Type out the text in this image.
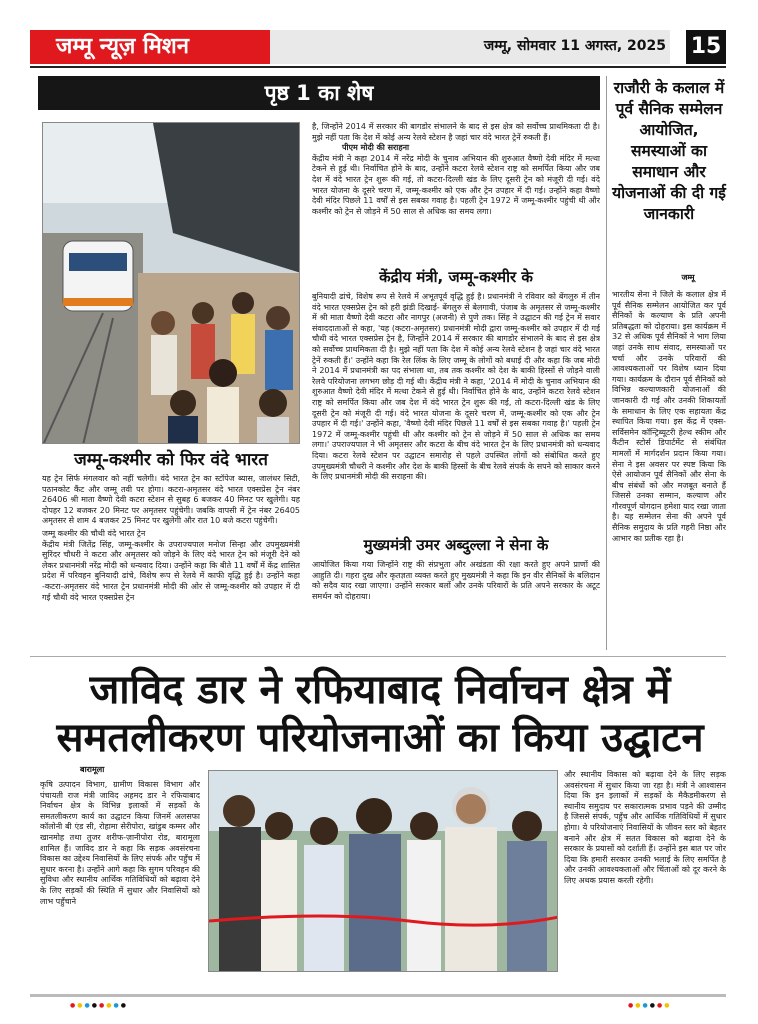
जम्मू न्यूज़ मिशन	जम्मू, सोमवार 11 अगस्त, 2025 15
पृष्ठ 1 का शेष
जम्मू-कश्मीर को फिर वंदे भारत

यह ट्रेन सिर्फ मंगलवार को नहीं चलेगी। वंदे भारत ट्रेन का स्टॉपेज ब्यास, जालंधर सिटी, पठानकोट कैंट और जम्मू तवी पर होगा। कटरा-अमृतसर वंदे भारत एक्सप्रेस ट्रेन नंबर 26406 श्री माता वैष्णो देवी कटरा स्टेशन से सुबह 6 बजकर 40 मिनट पर खुलेगी। यह दोपहर 12 बजकर 20 मिनट पर अमृतसर पहुंचेगी। जबकि वापसी में ट्रेन नंबर 26405 अमृतसर से शाम 4 बजकर 25 मिनट पर खुलेगी और रात 10 बजे कटरा पहुंचेगी।

जम्मू कश्मीर की चौथी वंदे भारत ट्रेन

केंद्रीय मंत्री जितेंद्र सिंह, जम्मू-कश्मीर के उपराज्यपाल मनोज सिन्हा और उपमुख्यमंत्री सुरिंदर चौधरी ने कटरा और अमृतसर को जोड़ने के लिए वंदे भारत ट्रेन को मंजूरी देने को लेकर प्रधानमंत्री नरेंद्र मोदी को धन्यवाद दिया। उन्होंने कहा कि बीते 11 वर्षों में केंद्र शासित प्रदेश में परिवहन बुनियादी ढांचे, विशेष रूप से रेलवे में काफी वृद्धि हुई है। उन्होंने कहा -कटरा-अमृतसर वंदे भारत ट्रेन प्रधानमंत्री मोदी की ओर से जम्मू-कश्मीर को उपहार में दी गई चौथी वंदे भारत एक्सप्रेस ट्रेन

है, जिन्होंने 2014 में सरकार की बागडोर संभालने के बाद से इस क्षेत्र को सर्वोच्च प्राथमिकता दी है। मुझे नहीं पता कि देश में कोई अन्य रेलवे स्टेशन है जहां चार वंदे भारत ट्रेनें रुकती हैं।

पीएम मोदी की सराहना

केंद्रीय मंत्री ने कहा 2014 में नरेंद्र मोदी के चुनाव अभियान की शुरुआत वैष्णो देवी मंदिर में मत्था टेकने से हुई थी। निर्वाचित होने के बाद, उन्होंने कटरा रेलवे स्टेशन राष्ट्र को समर्पित किया और जब देश में वंदे भारत ट्रेन शुरू की गई, तो कटरा-दिल्ली खंड के लिए दूसरी ट्रेन को मंजूरी दी गई। वंदे भारत योजना के दूसरे चरण में, जम्मू-कश्मीर को एक और ट्रेन उपहार में दी गई। उन्होंने कहा वैष्णो देवी मंदिर पिछले 11 वर्षों से इस सबका गवाह है। पहली ट्रेन 1972 में जम्मू-कश्मीर पहुंची थी और कश्मीर को ट्रेन से जोड़ने में 50 साल से अधिक का समय लगा।

केंद्रीय मंत्री, जम्मू-कश्मीर के
बुनियादी ढांचे, विशेष रूप से रेलवे में अभूतपूर्व वृद्धि हुई है। प्रधानमंत्री ने रविवार को बेंगलुरु में तीन वंदे भारत एक्सप्रेस ट्रेन को हरी झंडी दिखाई- बेंगलुरु से बेलगावी, पंजाब के अमृतसर से जम्मू-कश्मीर में श्री माता वैष्णो देवी कटरा और नागपुर (अजनी) से पुणे तक। सिंह ने उद्घाटन की गई ट्रेन में सवार संवाददाताओं से कहा, 'यह (कटरा-अमृतसर) प्रधानमंत्री मोदी द्वारा जम्मू-कश्मीर को उपहार में दी गई चौथी वंदे भारत एक्सप्रेस ट्रेन है, जिन्होंने 2014 में सरकार की बागडोर संभालने के बाद से इस क्षेत्र को सर्वोच्च प्राथमिकता दी है। मुझे नहीं पता कि देश में कोई अन्य रेलवे स्टेशन है जहां चार वंदे भारत ट्रेनें रुकती हैं।' उन्होंने कहा कि रेल लिंक के लिए जम्मू के लोगों को बधाई दी और कहा कि जब मोदी ने 2014 में प्रधानमंत्री का पद संभाला था, तब तक कश्मीर को देश के बाकी हिस्सों से जोड़ने वाली रेलवे परियोजना लगभग छोड़ दी गई थी। केंद्रीय मंत्री ने कहा, '2014 में मोदी के चुनाव अभियान की शुरुआत वैष्णो देवी मंदिर में मत्था टेकने से हुई थी। निर्वाचित होने के बाद, उन्होंने कटरा रेलवे स्टेशन राष्ट्र को समर्पित किया और जब देश में वंदे भारत ट्रेन शुरू की गई, तो कटरा-दिल्ली खंड के लिए दूसरी ट्रेन को मंजूरी दी गई। वंदे भारत योजना के दूसरे चरण में, जम्मू-कश्मीर को एक और ट्रेन उपहार में दी गई।' उन्होंने कहा, 'वैष्णो देवी मंदिर पिछले 11 वर्षों से इस सबका गवाह है।' पहली ट्रेन 1972 में जम्मू-कश्मीर पहुंची थी और कश्मीर को ट्रेन से जोड़ने में 50 साल से अधिक का समय लगा।' उपराज्यपाल ने भी अमृतसर और कटरा के बीच वंदे भारत ट्रेन के लिए प्रधानमंत्री को धन्यवाद दिया। कटरा रेलवे स्टेशन पर उद्घाटन समारोह से पहले उपस्थित लोगों को संबोधित करते हुए उपमुख्यमंत्री चौधरी ने कश्मीर और देश के बाकी हिस्सों के बीच रेलवे संपर्क के सपने को साकार करने के लिए प्रधानमंत्री मोदी की सराहना की।
मुख्यमंत्री उमर अब्दुल्ला ने सेना के
आयोजित किया गया जिन्होंने राष्ट्र की संप्रभुता और अखंडता की रक्षा करते हुए अपने प्राणों की आहुति दी। गहरा दुख और कृतज्ञता व्यक्त करते हुए मुख्यमंत्री ने कहा कि इन वीर सैनिकों के बलिदान को सदैव याद रखा जाएगा। उन्होंने सरकार बलों और उनके परिवारों के प्रति अपने सरकार के अटूट समर्थन को दोहराया।
राजौरी के कलाल में पूर्व सैनिक सम्मेलन आयोजित, समस्याओं का समाधान और योजनाओं की दी गई जानकारी
जम्मू
भारतीय सेना ने जिले के कलाल क्षेत्र में पूर्व सैनिक सम्मेलन आयोजित कर पूर्व सैनिकों के कल्याण के प्रति अपनी प्रतिबद्धता को दोहराया। इस कार्यक्रम में 32 से अधिक पूर्व सैनिकों ने भाग लिया जहां उनके साथ संवाद, समस्याओं पर चर्चा और उनके परिवारों की आवश्यकताओं पर विशेष ध्यान दिया गया। कार्यक्रम के दौरान पूर्व सैनिकों को विभिन्न कल्याणकारी योजनाओं की जानकारी दी गई और उनकी शिकायतों के समाधान के लिए एक सहायता केंद्र स्थापित किया गया। इस केंद्र में एक्स-सर्विसमेन कॉन्ट्रिब्यूटरी हेल्थ स्कीम और कैंटीन स्टोर्स डिपार्टमेंट से संबंधित मामलों में मार्गदर्शन प्रदान किया गया। सेना ने इस अवसर पर स्पष्ट किया कि ऐसे आयोजन पूर्व सैनिकों और सेना के बीच संबंधों को और मजबूत बनाते हैं जिससे उनका सम्मान, कल्याण और गौरवपूर्ण योगदान हमेशा याद रखा जाता है। यह सम्मेलन सेना की अपने पूर्व सैनिक समुदाय के प्रति गहरी निष्ठा और आभार का प्रतीक रहा है।
जाविद डार ने रफियाबाद निर्वाचन क्षेत्र में
समतलीकरण परियोजनाओं का किया उद्घाटन
बारामूला
कृषि उत्पादन विभाग, ग्रामीण विकास विभाग और पंचायती राज मंत्री जाविद अहमद डार ने रफियाबाद निर्वाचन क्षेत्र के विभिन्न इलाकों में सड़कों के समतलीकरण कार्य का उद्घाटन किया जिनमें अलसफा कॉलोनी बी एंड सी, रोहामा सेरीपोरा, खांडुब कम्मर और खानमोह तथा तुजर शरीफ-ज़ानीपोरा रोड, बारामूला शामिल हैं। जाविद डार ने कहा कि सड़क अवसंरचना विकास का उद्देश्य निवासियों के लिए संपर्क और पहुँच में सुधार करना है। उन्होंने आगे कहा कि सुगम परिवहन की सुविधा और स्थानीय आर्थिक गतिविधियों को बढ़ावा देने के लिए सड़कों की स्थिति में सुधार और निवासियों को लाभ पहुँचाने
और स्थानीय विकास को बढ़ावा देने के लिए सड़क अवसंरचना में सुधार किया जा रहा है। मंत्री ने आश्वासन दिया कि इन इलाकों में सड़कों के मैकैडमीकरण से स्थानीय समुदाय पर सकारात्मक प्रभाव पड़ने की उम्मीद है जिससे संपर्क, पहुँच और आर्थिक गतिविधियों में सुधार होगा। ये परियोजनाएं निवासियों के जीवन स्तर को बेहतर बनाने और क्षेत्र में सतत विकास को बढ़ावा देने के सरकार के प्रयासों को दर्शाती हैं। उन्होंने इस बात पर जोर दिया कि हमारी सरकार उनकी भलाई के लिए समर्पित है और उनकी आवश्यकताओं और चिंताओं को दूर करने के लिए अथक प्रयास करती रहेगी।
●●●●●●●●	●●●●●●
